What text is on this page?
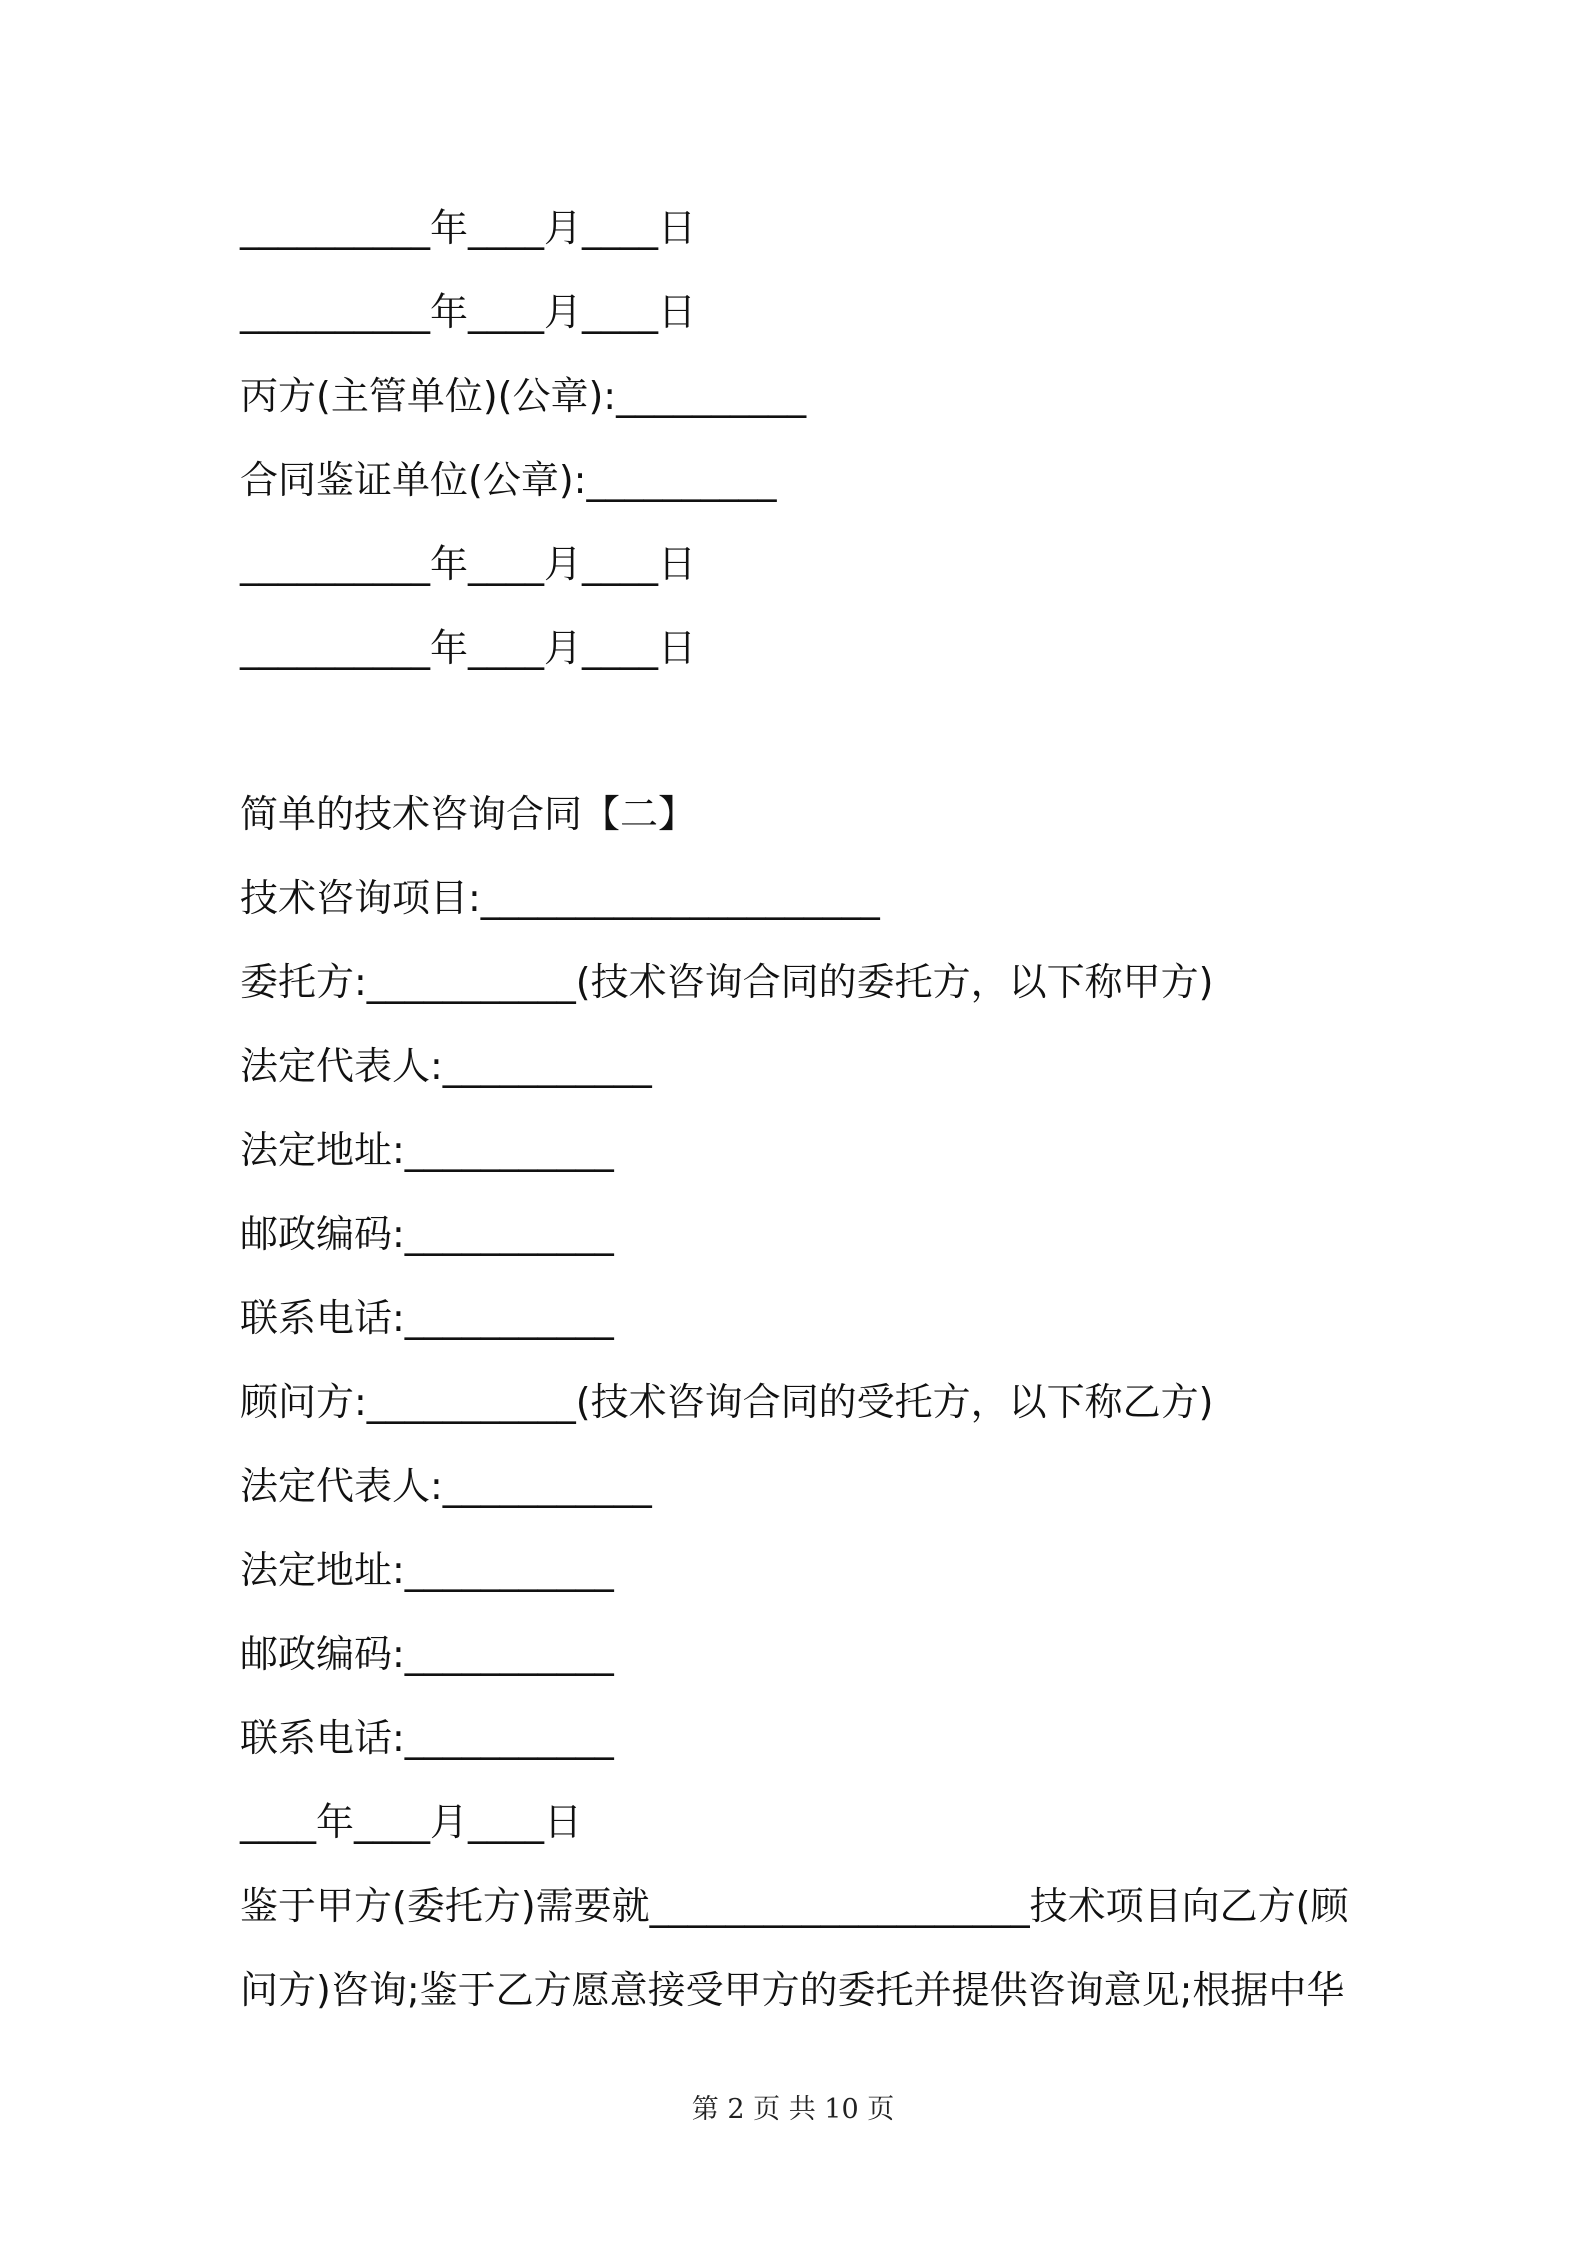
__________年____月____日
__________年____月____日
丙方(主管单位)(公章):__________
合同鉴证单位(公章):__________
__________年____月____日
__________年____月____日
简单的技术咨询合同【二】
技术咨询项目:_____________________
委托方:___________(技术咨询合同的委托方，以下称甲方)
法定代表人:___________
法定地址:___________
邮政编码:___________
联系电话:___________
顾问方:___________(技术咨询合同的受托方，以下称乙方)
法定代表人:___________
法定地址:___________
邮政编码:___________
联系电话:___________
____年____月____日
鉴于甲方(委托方)需要就____________________技术项目向乙方(顾
问方)咨询;鉴于乙方愿意接受甲方的委托并提供咨询意见;根据中华
第 2 页 共 10 页
